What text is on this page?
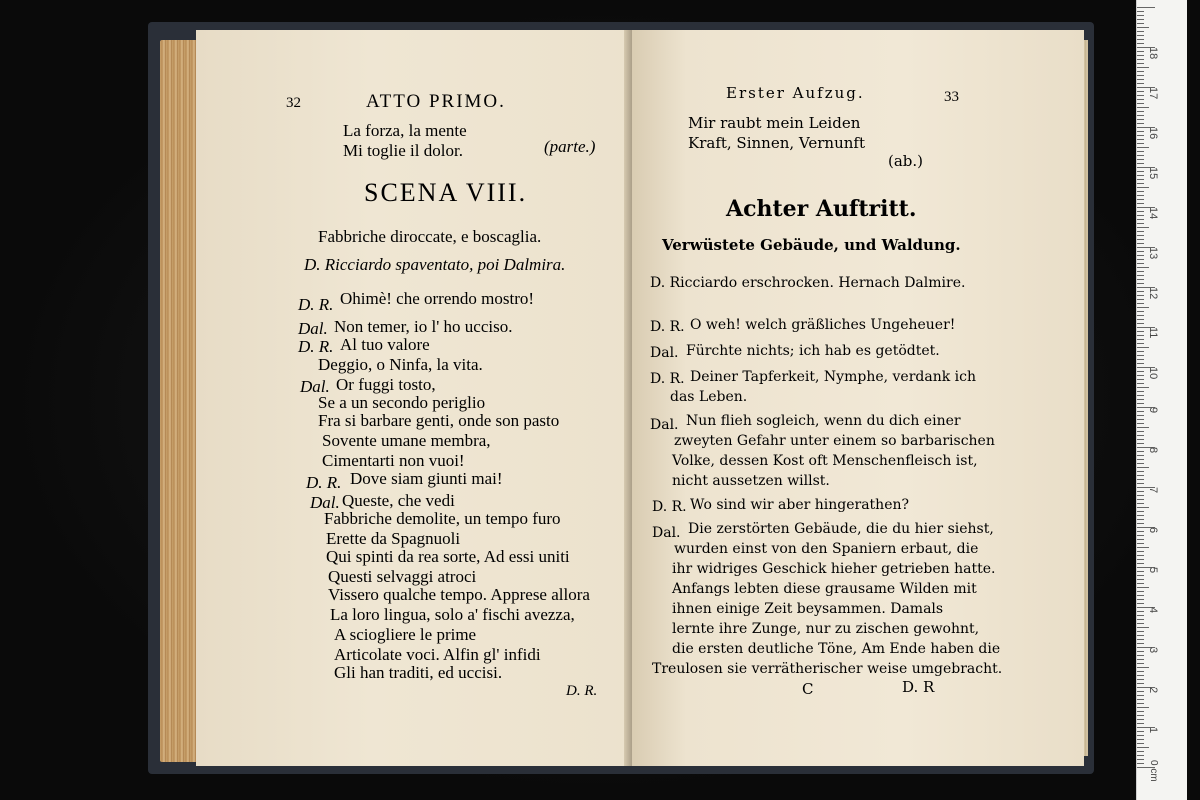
32	ATTO PRIMO.
La forza, la mente
Mi toglie il dolor.	(parte.)
SCENA VIII.
Fabbriche diroccate, e boscaglia.
D. Ricciardo spaventato, poi Dalmira.
D. R. Ohimè! che orrendo mostro!
Dal. Non temer, io l' ho ucciso.
D. R. Al tuo valore
Deggio, o Ninfa, la vita.
Dal. Or fuggi tosto,
Se a un secondo periglio
Fra si barbare genti, onde son pasto
Sovente umane membra,
Cimentarti non vuoi!
D. R. Dove siam giunti mai!
Dal. Queste, che vedi
Fabbriche demolite, un tempo furo
Erette da Spagnuoli
Qui spinti da rea sorte, Ad essi uniti
Questi selvaggi atroci
Vissero qualche tempo. Apprese allora
La loro lingua, solo a' fischi avezza,
A sciogliere le prime
Articolate voci. Alfin gl' infidi
Gli han traditi, ed uccisi.
D. R.
Erster Aufzug.	33
Mir raubt mein Leiden
Kraft, Sinnen, Vernunft
(ab.)
Achter Auftritt.
Verwüstete Gebäude, und Waldung.
D. Ricciardo erschrocken. Hernach Dalmire.
D. R. O weh! welch gräßliches Ungeheuer!
Dal. Fürchte nichts; ich hab es getödtet.
D. R. Deiner Tapferkeit, Nymphe, verdank ich
das Leben.
Dal. Nun flieh sogleich, wenn du dich einer
zweyten Gefahr unter einem so barbarischen
Volke, dessen Kost oft Menschenfleisch ist,
nicht aussetzen willst.
D. R. Wo sind wir aber hingerathen?
Dal. Die zerstörten Gebäude, die du hier siehst,
wurden einst von den Spaniern erbaut, die
ihr widriges Geschick hieher getrieben hatte.
Anfangs lebten diese grausame Wilden mit
ihnen einige Zeit beysammen. Damals
lernte ihre Zunge, nur zu zischen gewohnt,
die ersten deutliche Töne, Am Ende haben die
Treulosen sie verrätherischer weise umgebracht.
C	D. R
1
2
3
4
5
6
7
8
9
10
11
12
13
14
15
16
17
18
0 cm
